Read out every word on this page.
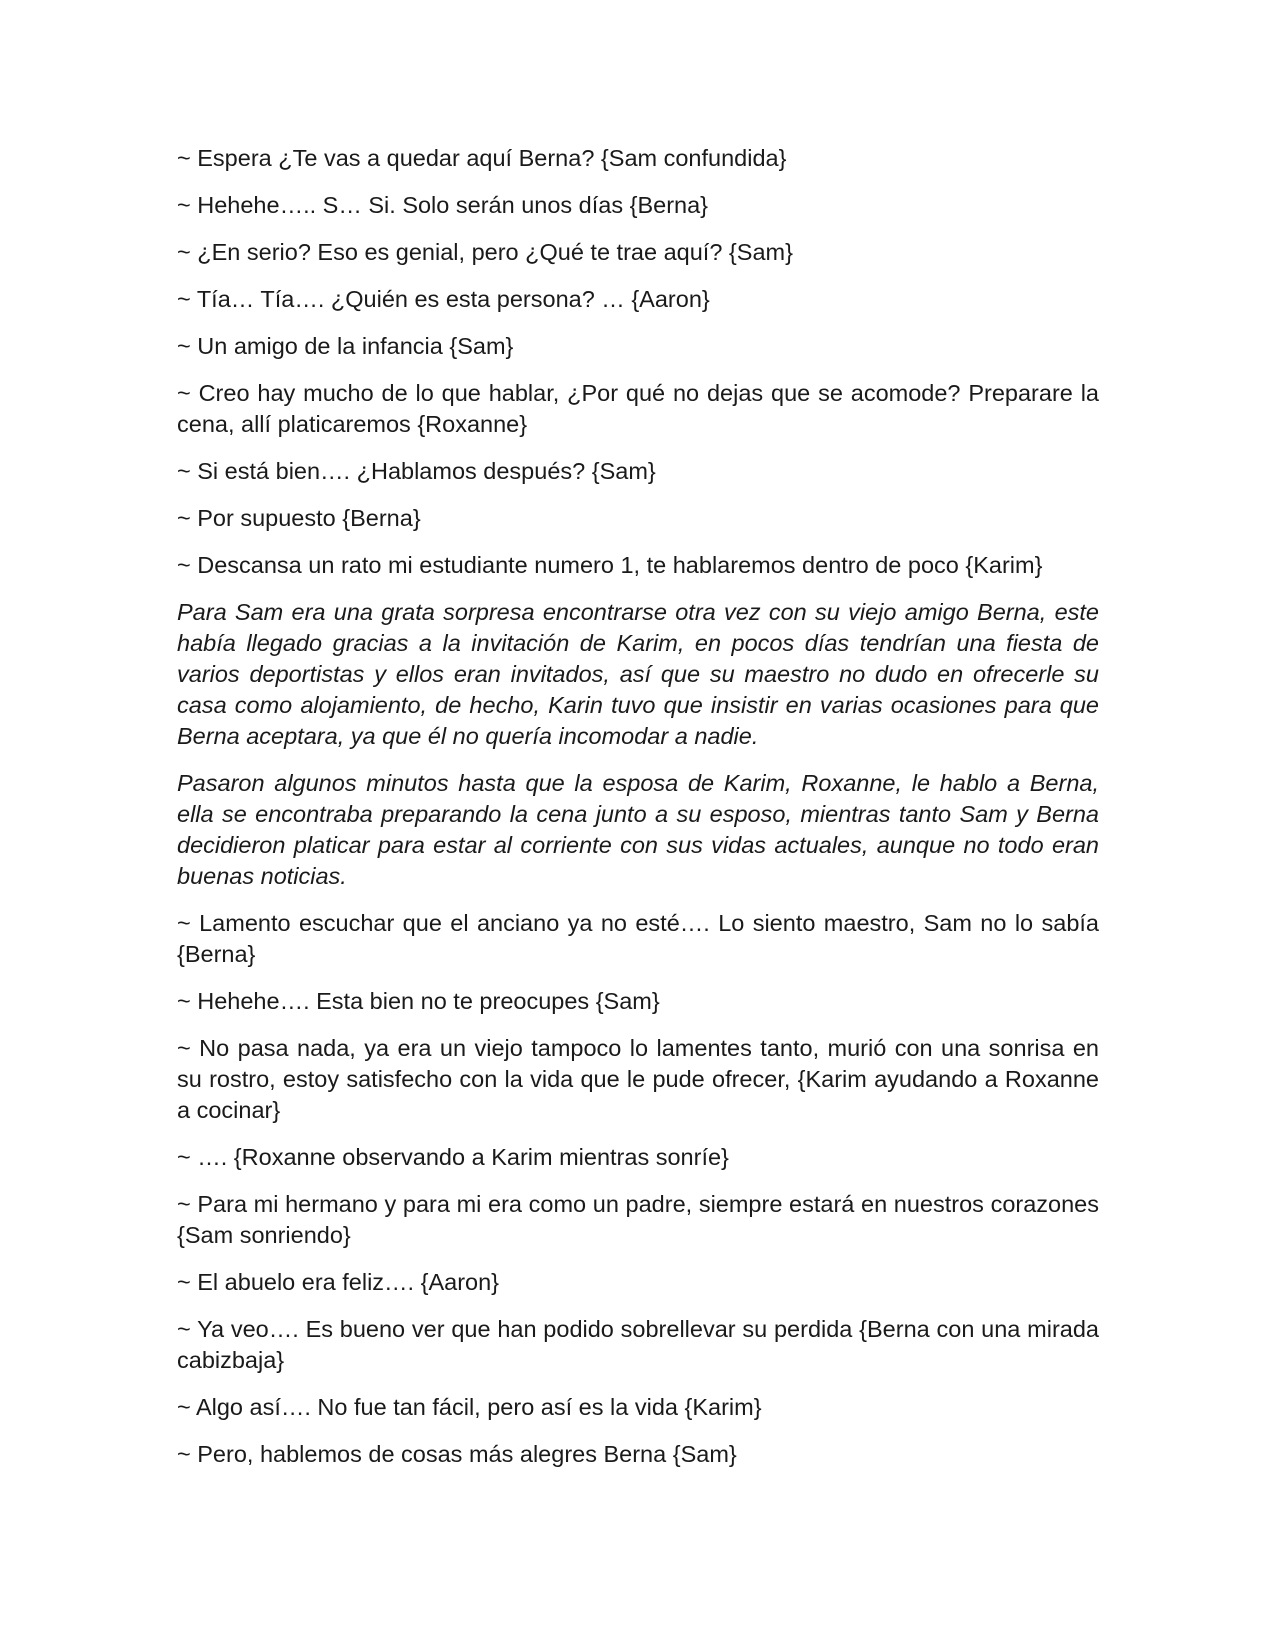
~ Espera ¿Te vas a quedar aquí Berna? {Sam confundida}

~ Hehehe….. S… Si. Solo serán unos días {Berna}

~ ¿En serio? Eso es genial, pero ¿Qué te trae aquí? {Sam}

~ Tía… Tía…. ¿Quién es esta persona? … {Aaron}

~ Un amigo de la infancia {Sam}

~ Creo hay mucho de lo que hablar, ¿Por qué no dejas que se acomode? Preparare la cena, allí platicaremos {Roxanne}

~ Si está bien…. ¿Hablamos después? {Sam}

~ Por supuesto {Berna}

~ Descansa un rato mi estudiante numero 1, te hablaremos dentro de poco {Karim}

Para Sam era una grata sorpresa encontrarse otra vez con su viejo amigo Berna, este había llegado gracias a la invitación de Karim, en pocos días tendrían una fiesta de varios deportistas y ellos eran invitados, así que su maestro no dudo en ofrecerle su casa como alojamiento, de hecho, Karin tuvo que insistir en varias ocasiones para que Berna aceptara, ya que él no quería incomodar a nadie.

Pasaron algunos minutos hasta que la esposa de Karim, Roxanne, le hablo a Berna, ella se encontraba preparando la cena junto a su esposo, mientras tanto Sam y Berna decidieron platicar para estar al corriente con sus vidas actuales, aunque no todo eran buenas noticias.

~ Lamento escuchar que el anciano ya no esté…. Lo siento maestro, Sam no lo sabía {Berna}

~ Hehehe…. Esta bien no te preocupes {Sam}

~ No pasa nada, ya era un viejo tampoco lo lamentes tanto, murió con una sonrisa en su rostro, estoy satisfecho con la vida que le pude ofrecer, {Karim ayudando a Roxanne a cocinar}

~ …. {Roxanne observando a Karim mientras sonríe}

~ Para mi hermano y para mi era como un padre, siempre estará en nuestros corazones {Sam sonriendo}

~ El abuelo era feliz…. {Aaron}

~ Ya veo…. Es bueno ver que han podido sobrellevar su perdida {Berna con una mirada cabizbaja}

~ Algo así…. No fue tan fácil, pero así es la vida {Karim}

~ Pero, hablemos de cosas más alegres Berna {Sam}
